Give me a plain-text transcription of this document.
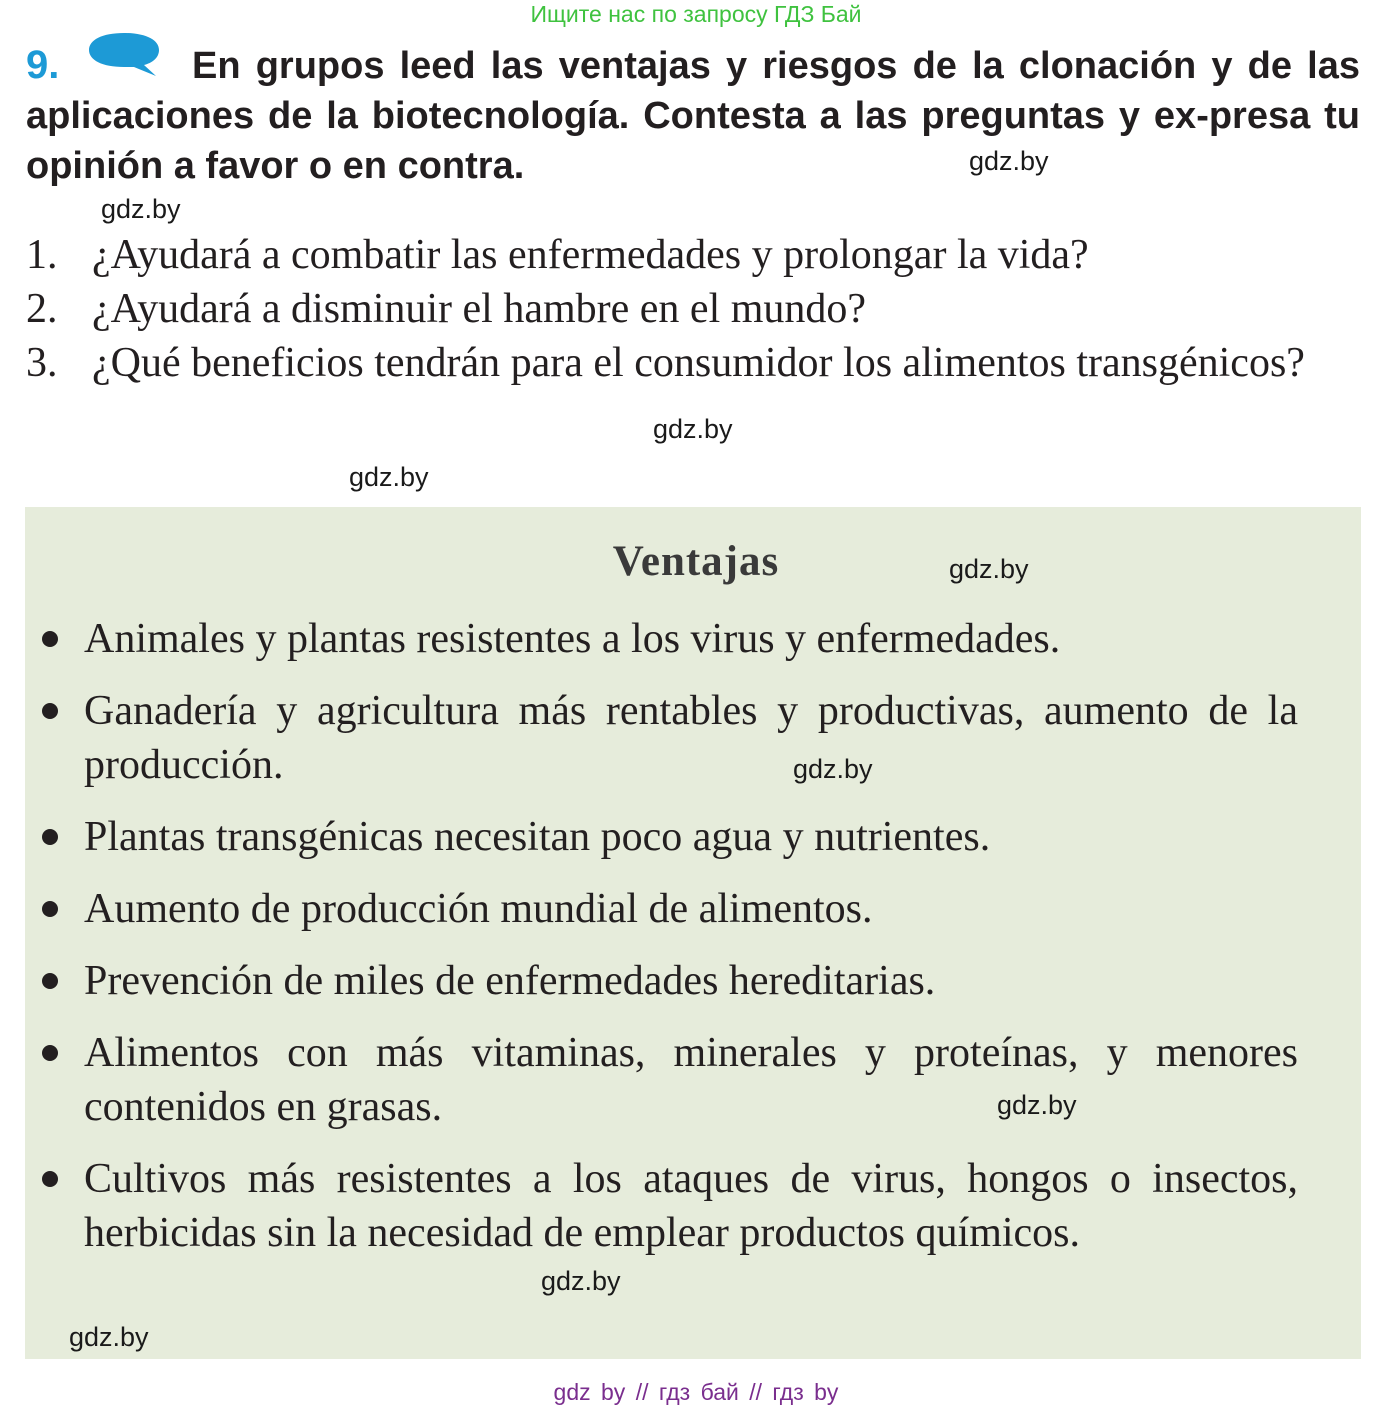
Ищите нас по запросу ГДЗ Бай
9.	En grupos leed las ventajas y riesgos de la clonación y de las aplicaciones de la biotecnología. Contesta a las preguntas y ex-presa tu opinión a favor o en contra.

1. ¿Ayudará a combatir las enfermedades y prolongar la vida?
2. ¿Ayudará a disminuir el hambre en el mundo?
3. ¿Qué beneficios tendrán para el consumidor los alimentos transgénicos?
Ventajas
Animales y plantas resistentes a los virus y enfermedades.
Ganadería y agricultura más rentables y productivas, aumento de la producción.
Plantas transgénicas necesitan poco agua y nutrientes.
Aumento de producción mundial de alimentos.
Prevención de miles de enfermedades hereditarias.
Alimentos con más vitaminas, minerales y proteínas, y menores contenidos en grasas.
Cultivos más resistentes a los ataques de virus, hongos o insectos, herbicidas sin la necesidad de emplear productos químicos.
gdz.by
gdz.by
gdz.by
gdz.by
gdz.by
gdz.by
gdz.by
gdz.by
gdz.by
gdz by // гдз бай // гдз by
